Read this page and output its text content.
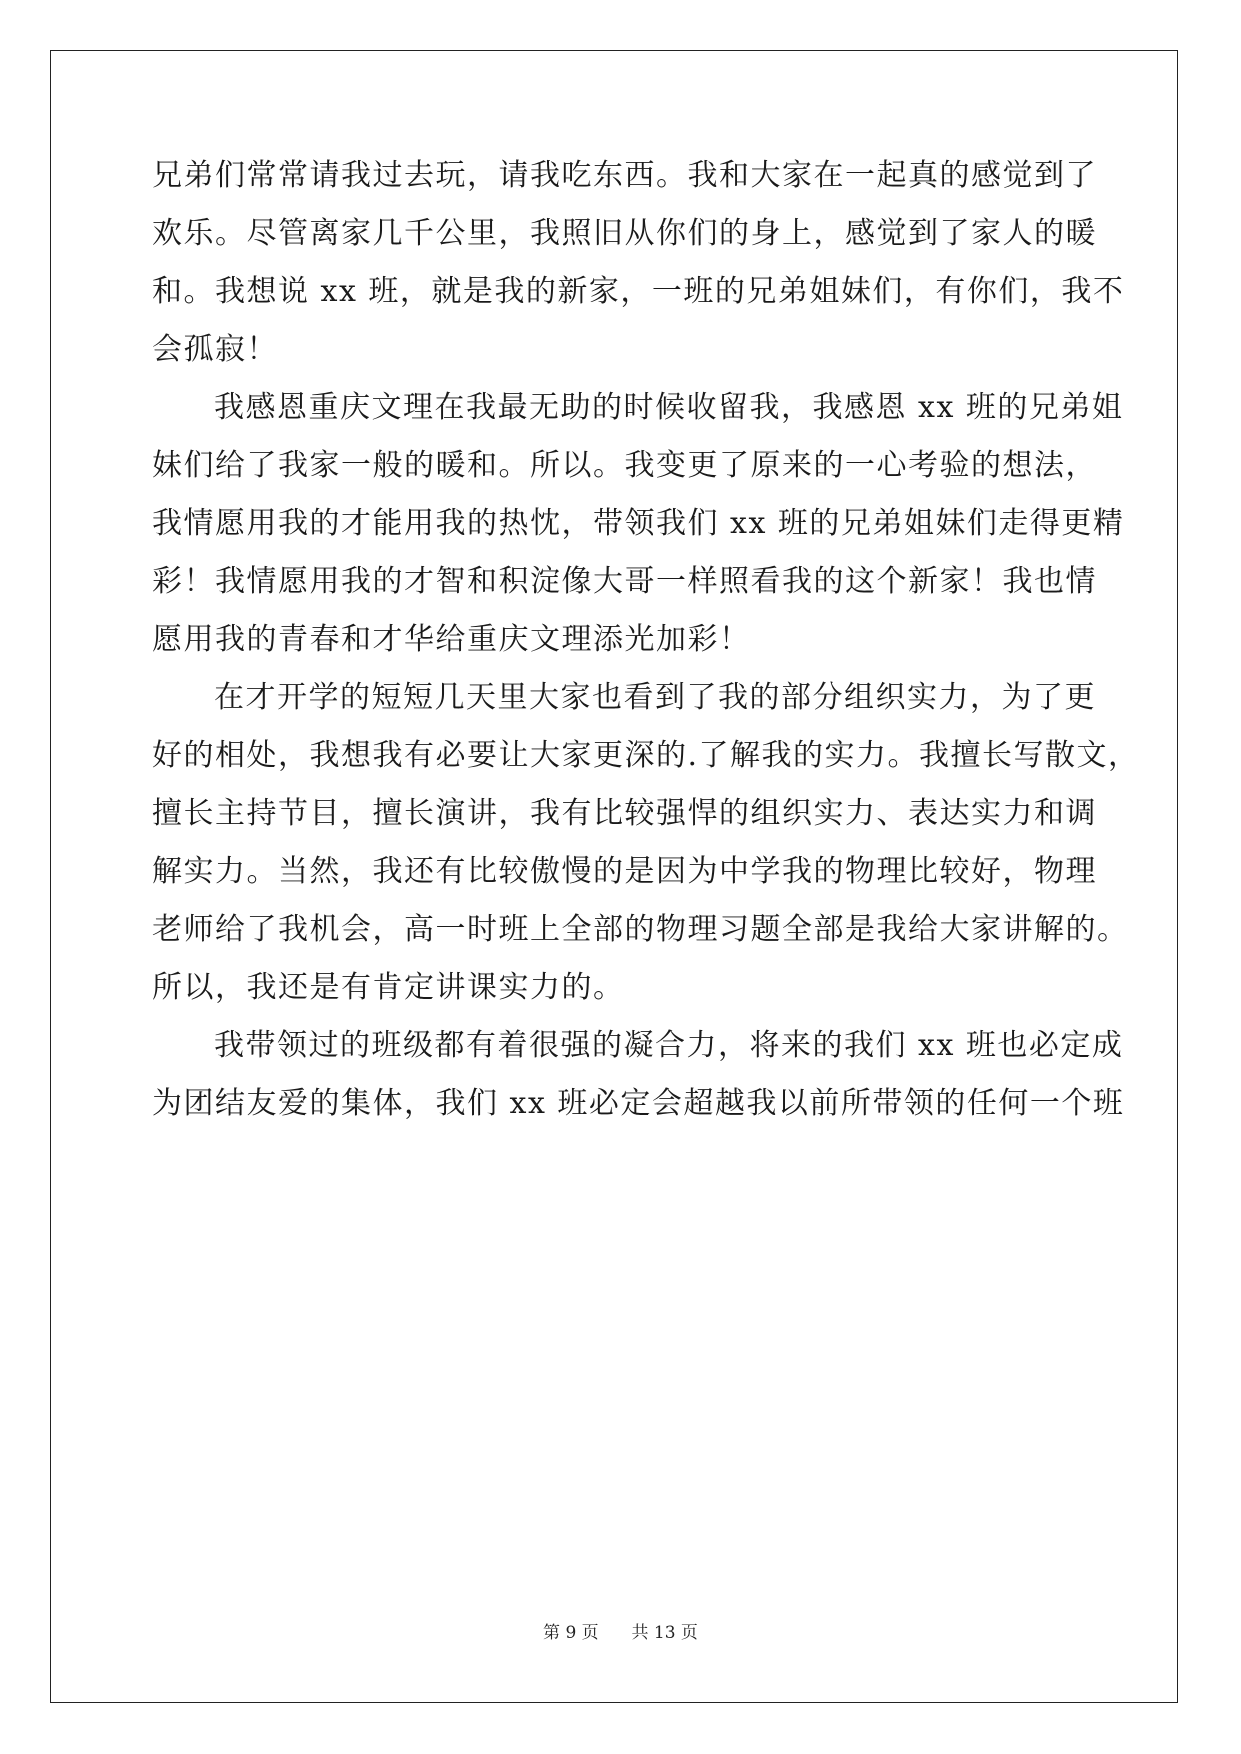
兄弟们常常请我过去玩，请我吃东西。我和大家在一起真的感觉到了
欢乐。尽管离家几千公里，我照旧从你们的身上，感觉到了家人的暖
和。我想说 xx 班，就是我的新家，一班的兄弟姐妹们，有你们，我不
会孤寂！

我感恩重庆文理在我最无助的时候收留我，我感恩 xx 班的兄弟姐
妹们给了我家一般的暖和。所以。我变更了原来的一心考验的想法，
我情愿用我的才能用我的热忱，带领我们 xx 班的兄弟姐妹们走得更精
彩！我情愿用我的才智和积淀像大哥一样照看我的这个新家！我也情
愿用我的青春和才华给重庆文理添光加彩！

在才开学的短短几天里大家也看到了我的部分组织实力，为了更
好的相处，我想我有必要让大家更深的.了解我的实力。我擅长写散文，
擅长主持节目，擅长演讲，我有比较强悍的组织实力、表达实力和调
解实力。当然，我还有比较傲慢的是因为中学我的物理比较好，物理
老师给了我机会，高一时班上全部的物理习题全部是我给大家讲解的。
所以，我还是有肯定讲课实力的。

我带领过的班级都有着很强的凝合力，将来的我们 xx 班也必定成
为团结友爱的集体，我们 xx 班必定会超越我以前所带领的任何一个班

第 9 页 共 13 页
